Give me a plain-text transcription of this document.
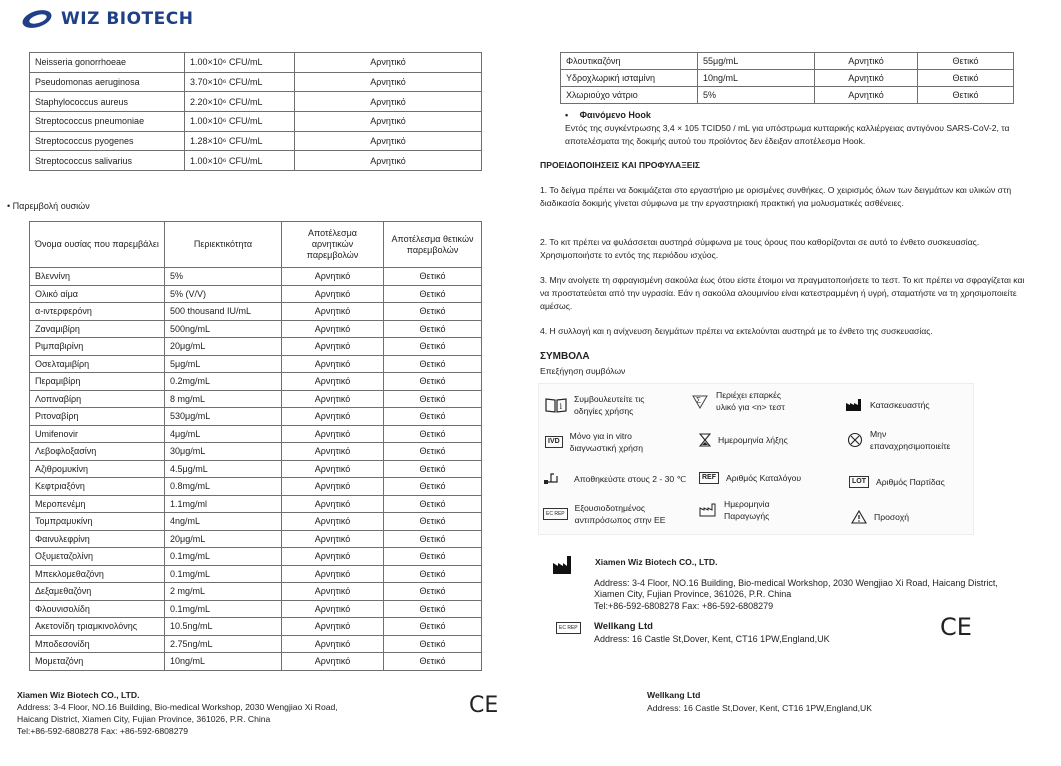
WIZ BIOTECH
Neisseria gonorrhoeae	1.00×10⁶ CFU/mL	Αρνητικό
Pseudomonas aeruginosa	3.70×10⁶ CFU/mL	Αρνητικό
Staphylococcus aureus	2.20×10⁶ CFU/mL	Αρνητικό
Streptococcus pneumoniae	1.00×10⁶ CFU/mL	Αρνητικό
Streptococcus pyogenes	1.28×10⁶ CFU/mL	Αρνητικό
Streptococcus salivarius	1.00×10⁶ CFU/mL	Αρνητικό
• Παρεμβολή ουσιών
Όνομα ουσίας που παρεμβάλει	Περιεκτικότητα	Αποτέλεσμα αρνητικών παρεμβολών	Αποτέλεσμα θετικών παρεμβολών
Βλεννίνη	5%	Αρνητικό	Θετικό
Ολικό αίμα	5% (V/V)	Αρνητικό	Θετικό
α-ιντερφερόνη	500 thousand IU/mL	Αρνητικό	Θετικό
Ζαναμιβίρη	500ng/mL	Αρνητικό	Θετικό
Ριμπαβιρίνη	20μg/mL	Αρνητικό	Θετικό
Οσελταμιβίρη	5μg/mL	Αρνητικό	Θετικό
Περαμιβίρη	0.2mg/mL	Αρνητικό	Θετικό
Λοπιναβίρη	8 mg/mL	Αρνητικό	Θετικό
Ριτοναβίρη	530μg/mL	Αρνητικό	Θετικό
Umifenovir	4μg/mL	Αρνητικό	Θετικό
Λεβοφλοξασίνη	30μg/mL	Αρνητικό	Θετικό
Αζιθρομυκίνη	4.5μg/mL	Αρνητικό	Θετικό
Κεφτριαξόνη	0.8mg/mL	Αρνητικό	Θετικό
Μεροπενέμη	1.1mg/ml	Αρνητικό	Θετικό
Τομπραμυκίνη	4ng/mL	Αρνητικό	Θετικό
Φαινυλεφρίνη	20μg/mL	Αρνητικό	Θετικό
Οξυμεταζολίνη	0.1mg/mL	Αρνητικό	Θετικό
Μπεκλομεθαζόνη	0.1mg/mL	Αρνητικό	Θετικό
Δεξαμεθαζόνη	2 mg/mL	Αρνητικό	Θετικό
Φλουνισολίδη	0.1mg/mL	Αρνητικό	Θετικό
Ακετονίδη τριαμκινολόνης	10.5ng/mL	Αρνητικό	Θετικό
Μποδεσονίδη	2.75ng/mL	Αρνητικό	Θετικό
Μομεταζόνη	10ng/mL	Αρνητικό	Θετικό
Φλουτικαζόνη	55μg/mL	Αρνητικό	Θετικό
Υδροχλωρική ισταμίνη	10ng/mL	Αρνητικό	Θετικό
Χλωριούχο νάτριο	5%	Αρνητικό	Θετικό
• Φαινόμενο Hook
Εντός της συγκέντρωσης 3,4 × 105 TCID50 / mL για υπόστρωμα κυτταρικής καλλιέργειας αντιγόνου SARS-CoV-2, τα αποτελέσματα της δοκιμής αυτού του προϊόντος δεν έδειξαν αποτέλεσμα Hook.
ΠΡΟΕΙΔΟΠΟΙΗΣΕΙΣ ΚΑΙ ΠΡΟΦΥΛΑΞΕΙΣ
1. Το δείγμα πρέπει να δοκιμάζεται στο εργαστήριο με ορισμένες συνθήκες. Ο χειρισμός όλων των δειγμάτων και υλικών στη διαδικασία δοκιμής γίνεται σύμφωνα με την εργαστηριακή πρακτική για μολυσματικές ασθένειες.
2. Το κιτ πρέπει να φυλάσσεται αυστηρά σύμφωνα με τους όρους που καθορίζονται σε αυτό το ένθετο συσκευασίας. Χρησιμοποιήστε το εντός της περιόδου ισχύος.
3. Μην ανοίγετε τη σφραγισμένη σακούλα έως ότου είστε έτοιμοι να πραγματοποιήσετε το τεστ. Το κιτ πρέπει να σφραγίζεται και να προστατεύεται από την υγρασία. Εάν η σακούλα αλουμινίου είναι κατεστραμμένη ή υγρή, σταματήστε να τη χρησιμοποιείτε αμέσως.
4. Η συλλογή και η ανίχνευση δειγμάτων πρέπει να εκτελούνται αυστηρά με το ένθετο της συσκευασίας.
ΣΥΜΒΟΛΑ
Επεξήγηση συμβόλων
i
Συμβουλευτείτε τις
οδηγίες χρήσης
Σ
Περιέχει επαρκές
υλικό για <n> τεστ	Κατασκευαστής
IVD
Μόνο για in vitro
διαγνωστική χρήση
Ημερομηνία λήξης
Μην
επαναχρησιμοποιείτε
Αποθηκεύστε στους 2 - 30 ℃	REF	Αριθμός Καταλόγου	LOT	Αριθμός Παρτίδας
EC REP
Εξουσιοδοτημένος
αντιπρόσωπος στην ΕΕ
Ημερομηνία
Παραγωγής	Προσοχή
Xiamen Wiz Biotech CO., LTD.
Address: 3-4 Floor, NO.16 Building, Bio-medical Workshop, 2030 Wengjiao Xi Road, Haicang District, Xiamen City, Fujian Province, 361026, P.R. China
Tel:+86-592-6808278 Fax: +86-592-6808279
EC REP	Wellkang Ltd
Address: 16 Castle St,Dover, Kent, CT16 1PW,England,UK	CE
Xiamen Wiz Biotech CO., LTD.
Address: 3-4 Floor, NO.16 Building, Bio-medical Workshop, 2030 Wengjiao Xi Road,
Haicang District, Xiamen City, Fujian Province, 361026, P.R. China
Tel:+86-592-6808278 Fax: +86-592-6808279
CE	Wellkang Ltd
Address: 16 Castle St,Dover, Kent, CT16 1PW,England,UK
